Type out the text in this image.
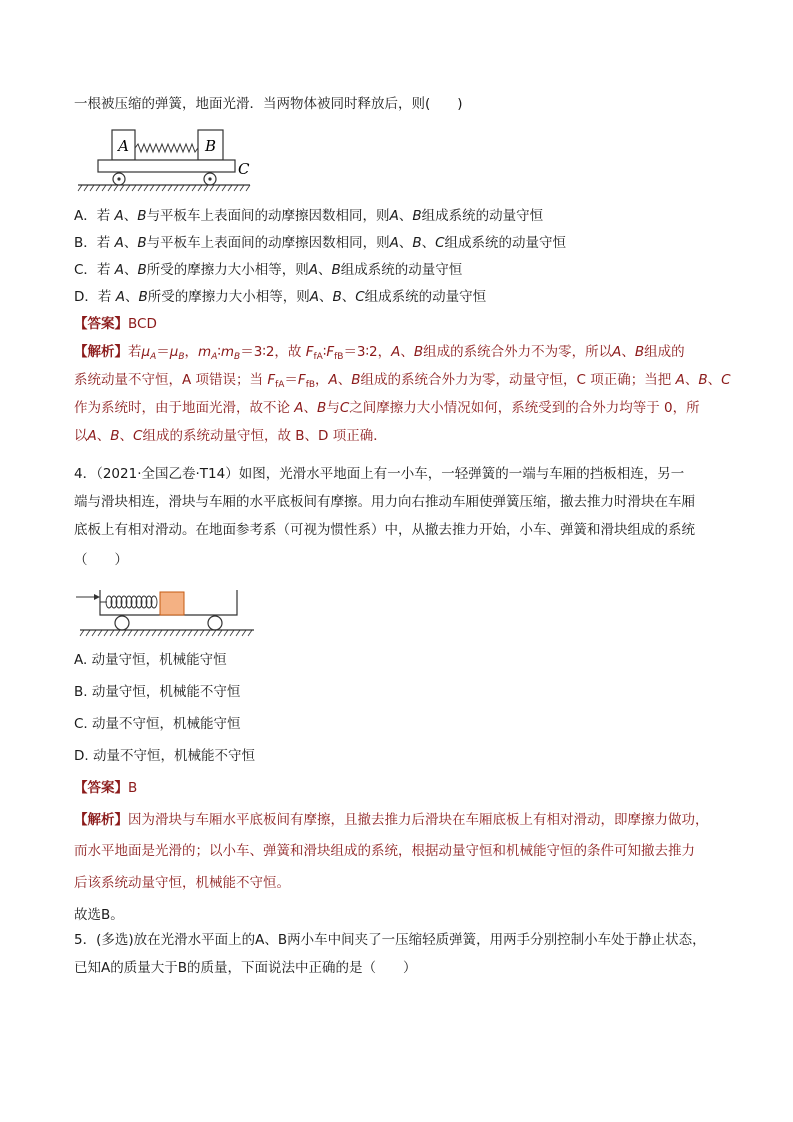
一根被压缩的弹簧，地面光滑．当两物体被同时释放后，则(　　)
A	B
C
A．若 A、B与平板车上表面间的动摩擦因数相同，则A、B组成系统的动量守恒
B．若 A、B与平板车上表面间的动摩擦因数相同，则A、B、C组成系统的动量守恒
C．若 A、B所受的摩擦力大小相等，则A、B组成系统的动量守恒
D．若 A、B所受的摩擦力大小相等，则A、B、C组成系统的动量守恒
【答案】BCD
【解析】若$\mu_A=\mu_B$，$m_A∶m_B=3∶2$，故 $F_{fA}∶F_{fB}=3∶2$，A、B组成的系统合外力不为零，所以A、B组成的
系统动量不守恒，A 项错误；当 $F_{fA}=F_{fB}$，A、B组成的系统合外力为零，动量守恒，C 项正确；当把 A、B、C
作为系统时，由于地面光滑，故不论 A、B与C之间摩擦力大小情况如何，系统受到的合外力均等于 0，所
以A、B、C组成的系统动量守恒，故 B、D 项正确．
4．（2021·全国乙卷·T14）如图，光滑水平地面上有一小车，一轻弹簧的一端与车厢的挡板相连，另一
端与滑块相连，滑块与车厢的水平底板间有摩擦。用力向右推动车厢使弹簧压缩，撤去推力时滑块在车厢
底板上有相对滑动。在地面参考系（可视为惯性系）中，从撤去推力开始，小车、弹簧和滑块组成的系统
（　　）
A. 动量守恒，机械能守恒
B. 动量守恒，机械能不守恒
C. 动量不守恒，机械能守恒
D. 动量不守恒，机械能不守恒
【答案】B
【解析】因为滑块与车厢水平底板间有摩擦，且撤去推力后滑块在车厢底板上有相对滑动，即摩擦力做功，
而水平地面是光滑的；以小车、弹簧和滑块组成的系统，根据动量守恒和机械能守恒的条件可知撤去推力
后该系统动量守恒，机械能不守恒。
故选B。
5．(多选)放在光滑水平面上的A、B两小车中间夹了一压缩轻质弹簧，用两手分别控制小车处于静止状态，
已知A的质量大于B的质量，下面说法中正确的是（　　）
